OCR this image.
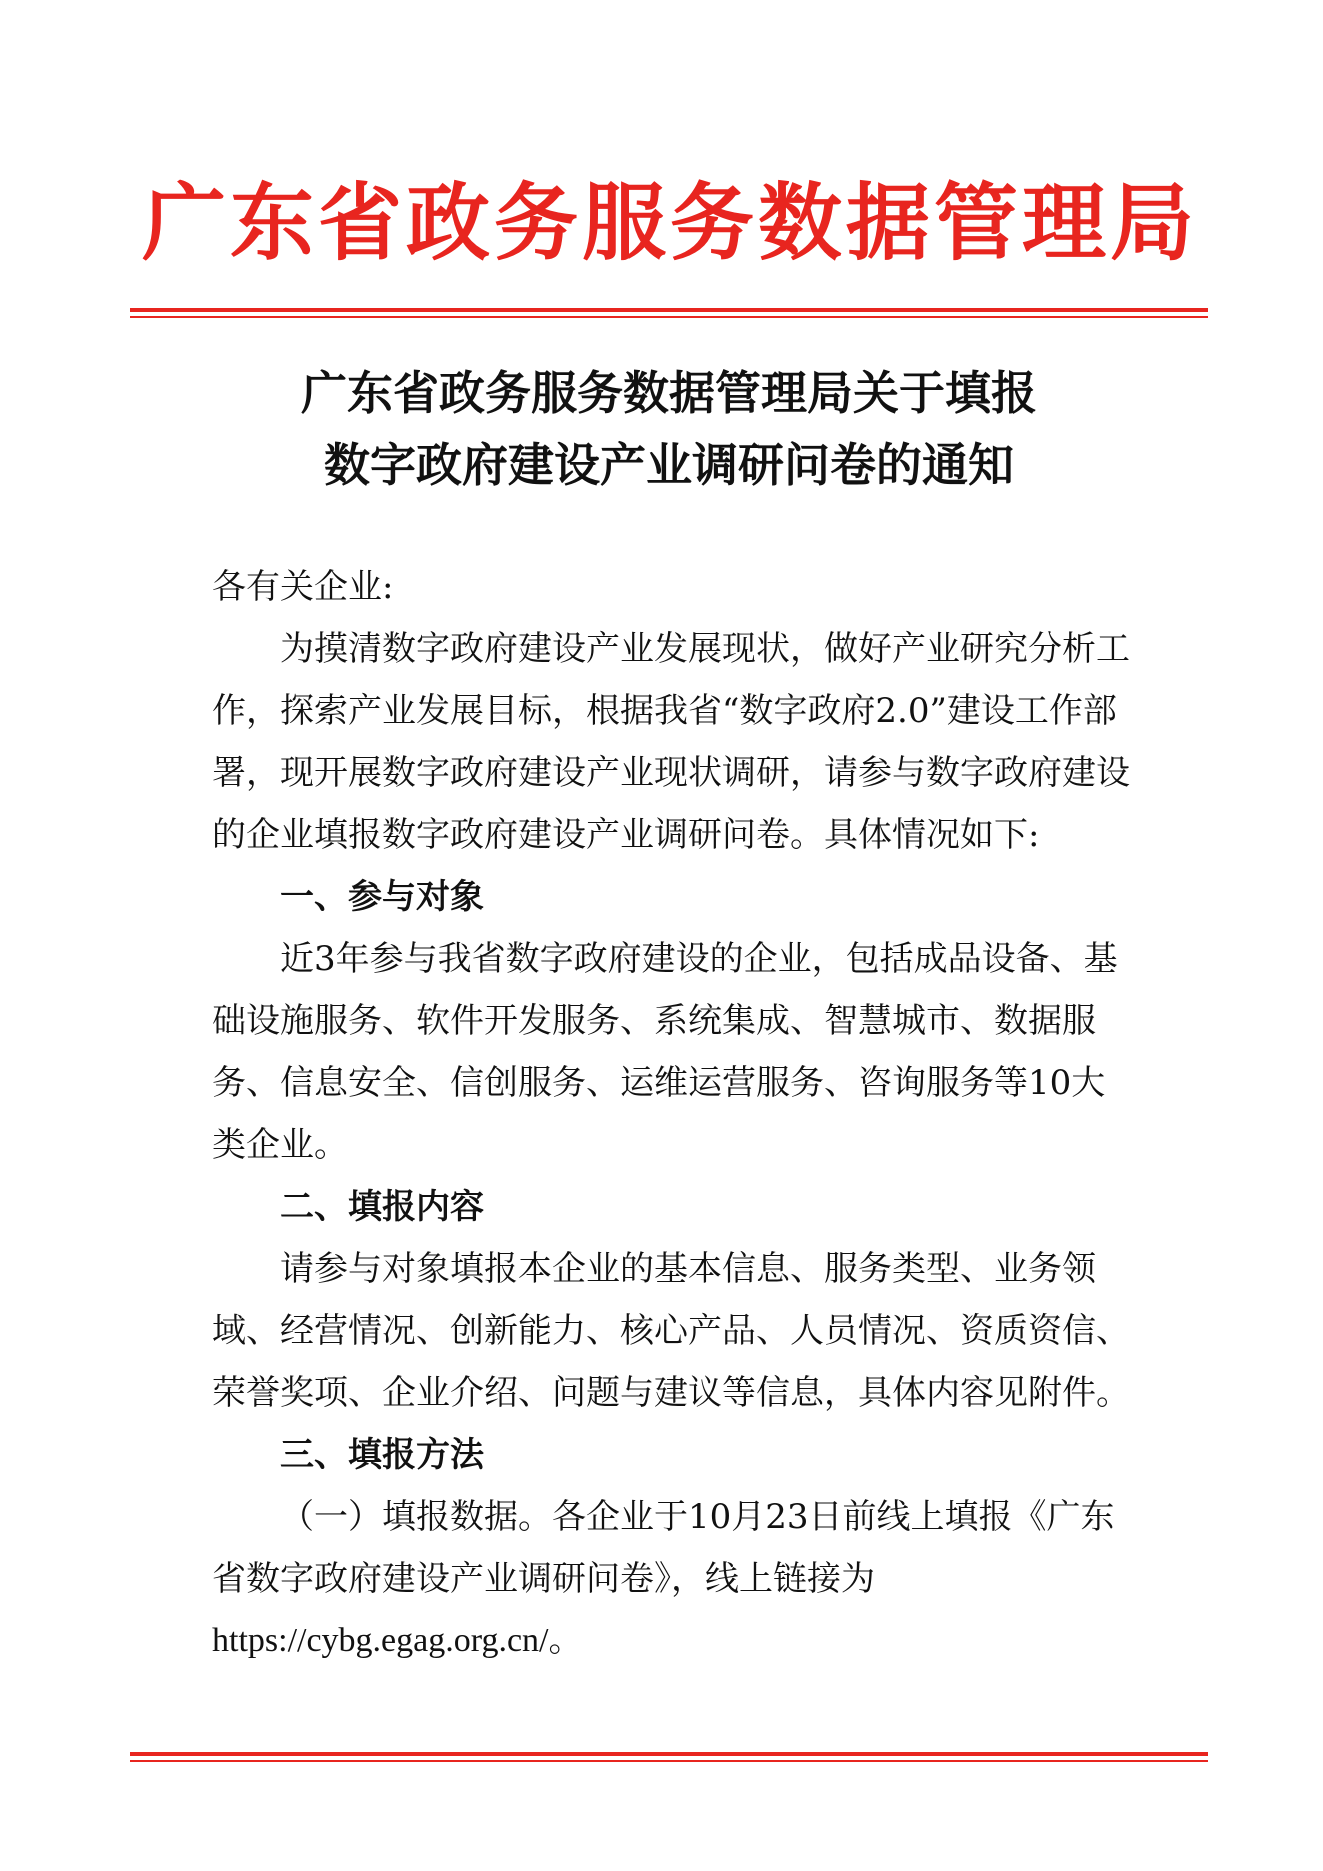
广东省政务服务数据管理局
广东省政务服务数据管理局关于填报
数字政府建设产业调研问卷的通知

各有关企业:

为摸清数字政府建设产业发展现状，做好产业研究分析工作，探索产业发展目标，根据我省“数字政府2.0”建设工作部署，现开展数字政府建设产业现状调研，请参与数字政府建设的企业填报数字政府建设产业调研问卷。具体情况如下:

一、参与对象

近3年参与我省数字政府建设的企业，包括成品设备、基础设施服务、软件开发服务、系统集成、智慧城市、数据服务、信息安全、信创服务、运维运营服务、咨询服务等10大类企业。

二、填报内容

请参与对象填报本企业的基本信息、服务类型、业务领域、经营情况、创新能力、核心产品、人员情况、资质资信、荣誉奖项、企业介绍、问题与建议等信息，具体内容见附件。

三、填报方法

（一）填报数据。各企业于10月23日前线上填报《广东省数字政府建设产业调研问卷》，线上链接为

https://cybg.egag.org.cn/。
